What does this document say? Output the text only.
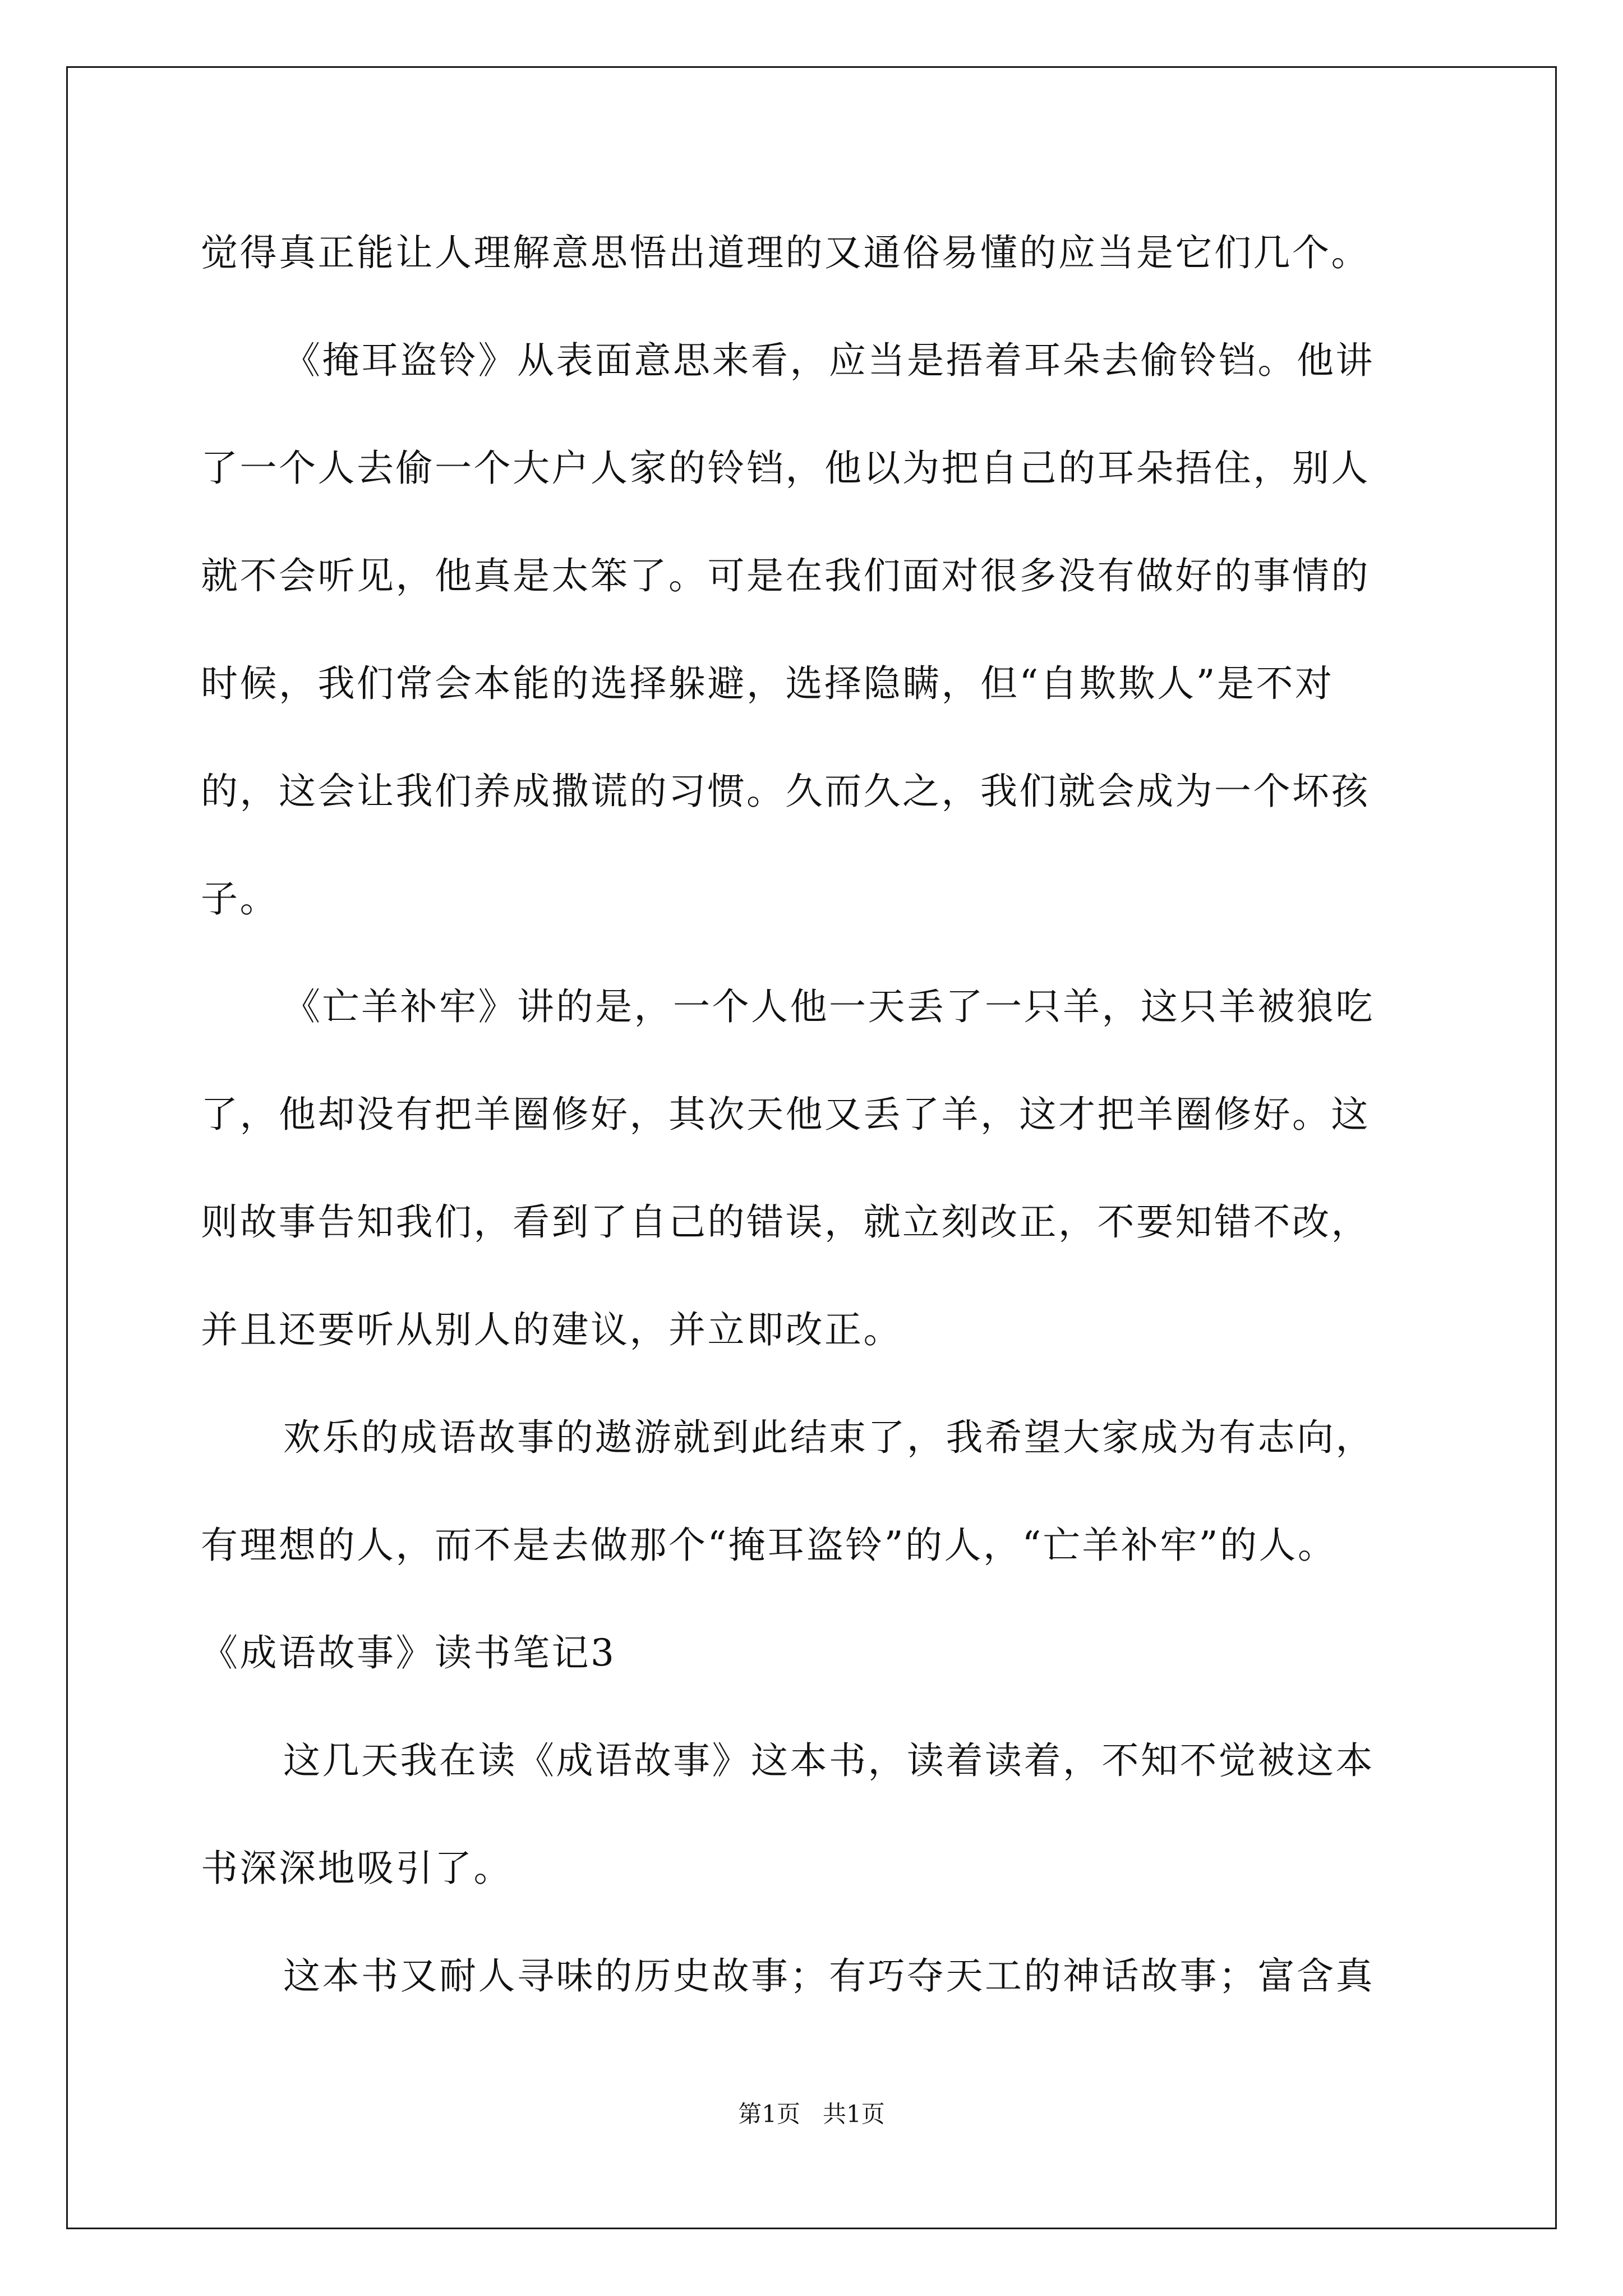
觉得真正能让人理解意思悟出道理的又通俗易懂的应当是它们几个。
《掩耳盗铃》从表面意思来看，应当是捂着耳朵去偷铃铛。他讲
了一个人去偷一个大户人家的铃铛，他以为把自己的耳朵捂住，别人
就不会听见，他真是太笨了。可是在我们面对很多没有做好的事情的
时候，我们常会本能的选择躲避，选择隐瞒，但“自欺欺人”是不对
的，这会让我们养成撒谎的习惯。久而久之，我们就会成为一个坏孩
子。
《亡羊补牢》讲的是，一个人他一天丢了一只羊，这只羊被狼吃
了，他却没有把羊圈修好，其次天他又丢了羊，这才把羊圈修好。这
则故事告知我们，看到了自己的错误，就立刻改正，不要知错不改，
并且还要听从别人的建议，并立即改正。
欢乐的成语故事的遨游就到此结束了，我希望大家成为有志向，
有理想的人，而不是去做那个“掩耳盗铃”的人，“亡羊补牢”的人。
《成语故事》读书笔记3
这几天我在读《成语故事》这本书，读着读着，不知不觉被这本
书深深地吸引了。
这本书又耐人寻味的历史故事；有巧夺天工的神话故事；富含真
第1页   共1页
